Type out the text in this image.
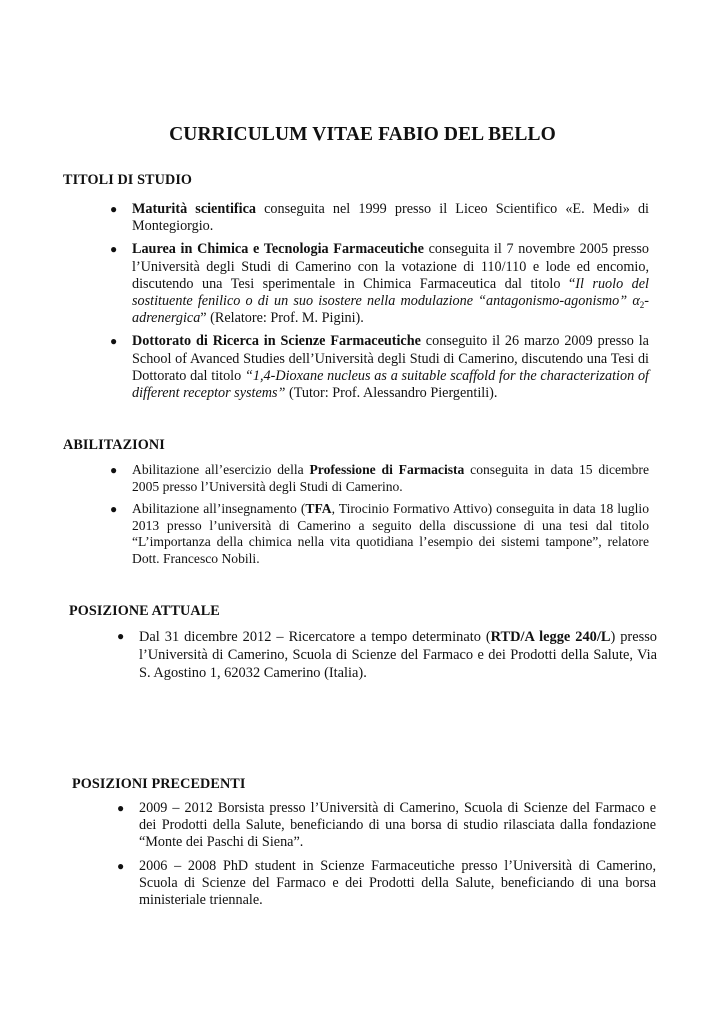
CURRICULUM VITAE FABIO DEL BELLO
TITOLI DI STUDIO
● Maturità scientifica conseguita nel 1999 presso il Liceo Scientifico «E. Medi» di Montegiorgio.
● Laurea in Chimica e Tecnologia Farmaceutiche conseguita il 7 novembre 2005 presso l’Università degli Studi di Camerino con la votazione di 110/110 e lode ed encomio, discutendo una Tesi sperimentale in Chimica Farmaceutica dal titolo “Il ruolo del sostituente fenilico o di un suo isostere nella modulazione “antagonismo-agonismo” $\alpha_2$-adrenergica” (Relatore: Prof. M. Pigini).
● Dottorato di Ricerca in Scienze Farmaceutiche conseguito il 26 marzo 2009 presso la School of Avanced Studies dell’Università degli Studi di Camerino, discutendo una Tesi di Dottorato dal titolo “1,4-Dioxane nucleus as a suitable scaffold for the characterization of different receptor systems” (Tutor: Prof. Alessandro Piergentili).
ABILITAZIONI
● Abilitazione all’esercizio della Professione di Farmacista conseguita in data 15 dicembre 2005 presso l’Università degli Studi di Camerino.
● Abilitazione all’insegnamento (TFA, Tirocinio Formativo Attivo) conseguita in data 18 luglio 2013 presso l’università di Camerino a seguito della discussione di una tesi dal titolo “L’importanza della chimica nella vita quotidiana l’esempio dei sistemi tampone”, relatore Dott. Francesco Nobili.
POSIZIONE ATTUALE
● Dal 31 dicembre 2012 – Ricercatore a tempo determinato (RTD/A legge 240/L) presso l’Università di Camerino, Scuola di Scienze del Farmaco e dei Prodotti della Salute, Via S. Agostino 1, 62032 Camerino (Italia).
POSIZIONI PRECEDENTI
● 2009 – 2012 Borsista presso l’Università di Camerino, Scuola di Scienze del Farmaco e dei Prodotti della Salute, beneficiando di una borsa di studio rilasciata dalla fondazione “Monte dei Paschi di Siena”.
● 2006 – 2008 PhD student in Scienze Farmaceutiche presso l’Università di Camerino, Scuola di Scienze del Farmaco e dei Prodotti della Salute, beneficiando di una borsa ministeriale triennale.
